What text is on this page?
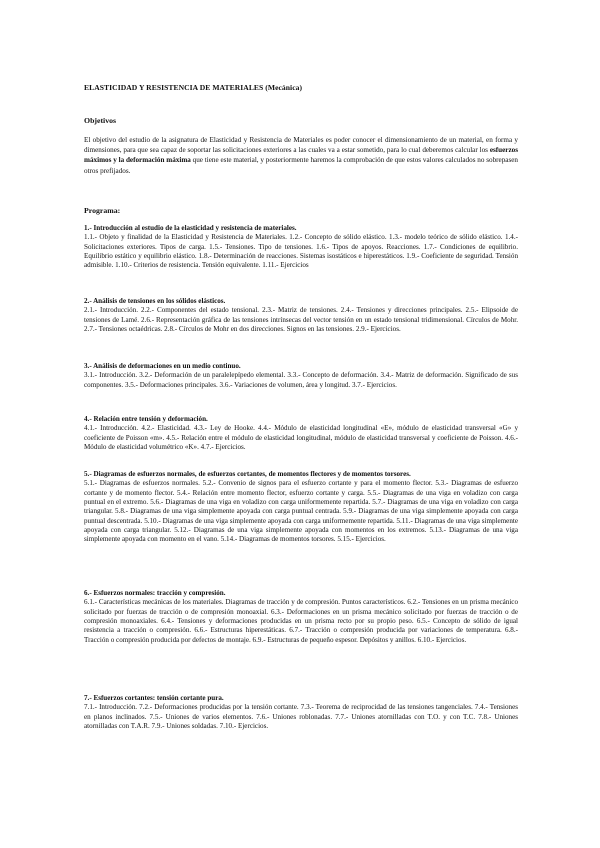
ELASTICIDAD Y RESISTENCIA DE MATERIALES (Mecánica)
Objetivos
El objetivo del estudio de la asignatura de Elasticidad y Resistencia de Materiales es poder conocer el dimensionamiento de un material, en forma y dimensiones, para que sea capaz de soportar las solicitaciones exteriores a las cuales va a estar sometido, para lo cual deberemos calcular los esfuerzos máximos y la deformación máxima que tiene este material, y posteriormente haremos la comprobación de que estos valores calculados no sobrepasen otros prefijados.
Programa:
1.- Introducción al estudio de la elasticidad y resistencia de materiales.
1.1.- Objeto y finalidad de la Elasticidad y Resistencia de Materiales. 1.2.- Concepto de sólido elástico. 1.3.- modelo teórico de sólido elástico. 1.4.- Solicitaciones exteriores. Tipos de carga. 1.5.- Tensiones. Tipo de tensiones. 1.6.- Tipos de apoyos. Reacciones. 1.7.- Condiciones de equilibrio. Equilibrio estático y equilibrio elástico. 1.8.- Determinación de reacciones. Sistemas isostáticos e hiperestáticos. 1.9.- Coeficiente de seguridad. Tensión admisible. 1.10.- Criterios de resistencia. Tensión equivalente. 1.11.- Ejercicios
2.- Análisis de tensiones en los sólidos elásticos.
2.1.- Introducción. 2.2.- Componentes del estado tensional. 2.3.- Matriz de tensiones. 2.4.- Tensiones y direcciones principales. 2.5.- Elipsoide de tensiones de Lamé. 2.6.- Representación gráfica de las tensiones intrínsecas del vector tensión en un estado tensional tridimensional. Círculos de Mohr. 2.7.- Tensiones octaédricas. 2.8.- Círculos de Mohr en dos direcciones. Signos en las tensiones. 2.9.- Ejercicios.
3.- Análisis de deformaciones en un medio continuo.
3.1.- Introducción. 3.2.- Deformación de un paralelepípedo elemental. 3.3.- Concepto de deformación. 3.4.- Matriz de deformación. Significado de sus componentes. 3.5.- Deformaciones principales. 3.6.- Variaciones de volumen, área y longitud. 3.7.- Ejercicios.
4.- Relación entre tensión y deformación.
4.1.- Introducción. 4.2.- Elasticidad. 4.3.- Ley de Hooke. 4.4.- Módulo de elasticidad longitudinal «E», módulo de elasticidad transversal «G» y coeficiente de Poisson «m». 4.5.- Relación entre el módulo de elasticidad longitudinal, módulo de elasticidad transversal y coeficiente de Poisson. 4.6.- Módulo de elasticidad volumétrico «K». 4.7.- Ejercicios.
5.- Diagramas de esfuerzos normales, de esfuerzos cortantes, de momentos flectores y de momentos torsores.
5.1.- Diagramas de esfuerzos normales. 5.2.- Convenio de signos para el esfuerzo cortante y para el momento flector. 5.3.- Diagramas de esfuerzo cortante y de momento flector. 5.4.- Relación entre momento flector, esfuerzo cortante y carga. 5.5.- Diagramas de una viga en voladizo con carga puntual en el extremo. 5.6.- Diagramas de una viga en voladizo con carga uniformemente repartida. 5.7.- Diagramas de una viga en voladizo con carga triangular. 5.8.- Diagramas de una viga simplemente apoyada con carga puntual centrada. 5.9.- Diagramas de una viga simplemente apoyada con carga puntual descentrada. 5.10.- Diagramas de una viga simplemente apoyada con carga uniformemente repartida. 5.11.- Diagramas de una viga simplemente apoyada con carga triangular. 5.12.- Diagramas de una viga simplemente apoyada con momentos en los extremos. 5.13.- Diagramas de una viga simplemente apoyada con momento en el vano. 5.14.- Diagramas de momentos torsores. 5.15.- Ejercicios.
6.- Esfuerzos normales: tracción y compresión.
6.1.- Características mecánicas de los materiales. Diagramas de tracción y de compresión. Puntos característicos. 6.2.- Tensiones en un prisma mecánico solicitado por fuerzas de tracción o de compresión monoaxial. 6.3.- Deformaciones en un prisma mecánico solicitado por fuerzas de tracción o de compresión monoaxiales. 6.4.- Tensiones y deformaciones producidas en un prisma recto por su propio peso. 6.5.- Concepto de sólido de igual resistencia a tracción o compresión. 6.6.- Estructuras hiperestáticas. 6.7.- Tracción o compresión producida por variaciones de temperatura. 6.8.- Tracción o compresión producida por defectos de montaje. 6.9.- Estructuras de pequeño espesor. Depósitos y anillos. 6.10.- Ejercicios.
7.- Esfuerzos cortantes: tensión cortante pura.
7.1.- Introducción. 7.2.- Deformaciones producidas por la tensión cortante. 7.3.- Teorema de reciprocidad de las tensiones tangenciales. 7.4.- Tensiones en planos inclinados. 7.5.- Uniones de varios elementos. 7.6.- Uniones roblonadas. 7.7.- Uniones atornilladas con T.O. y con T.C. 7.8.- Uniones atornilladas con T.A.R. 7.9.- Uniones soldadas. 7.10.- Ejercicios.
